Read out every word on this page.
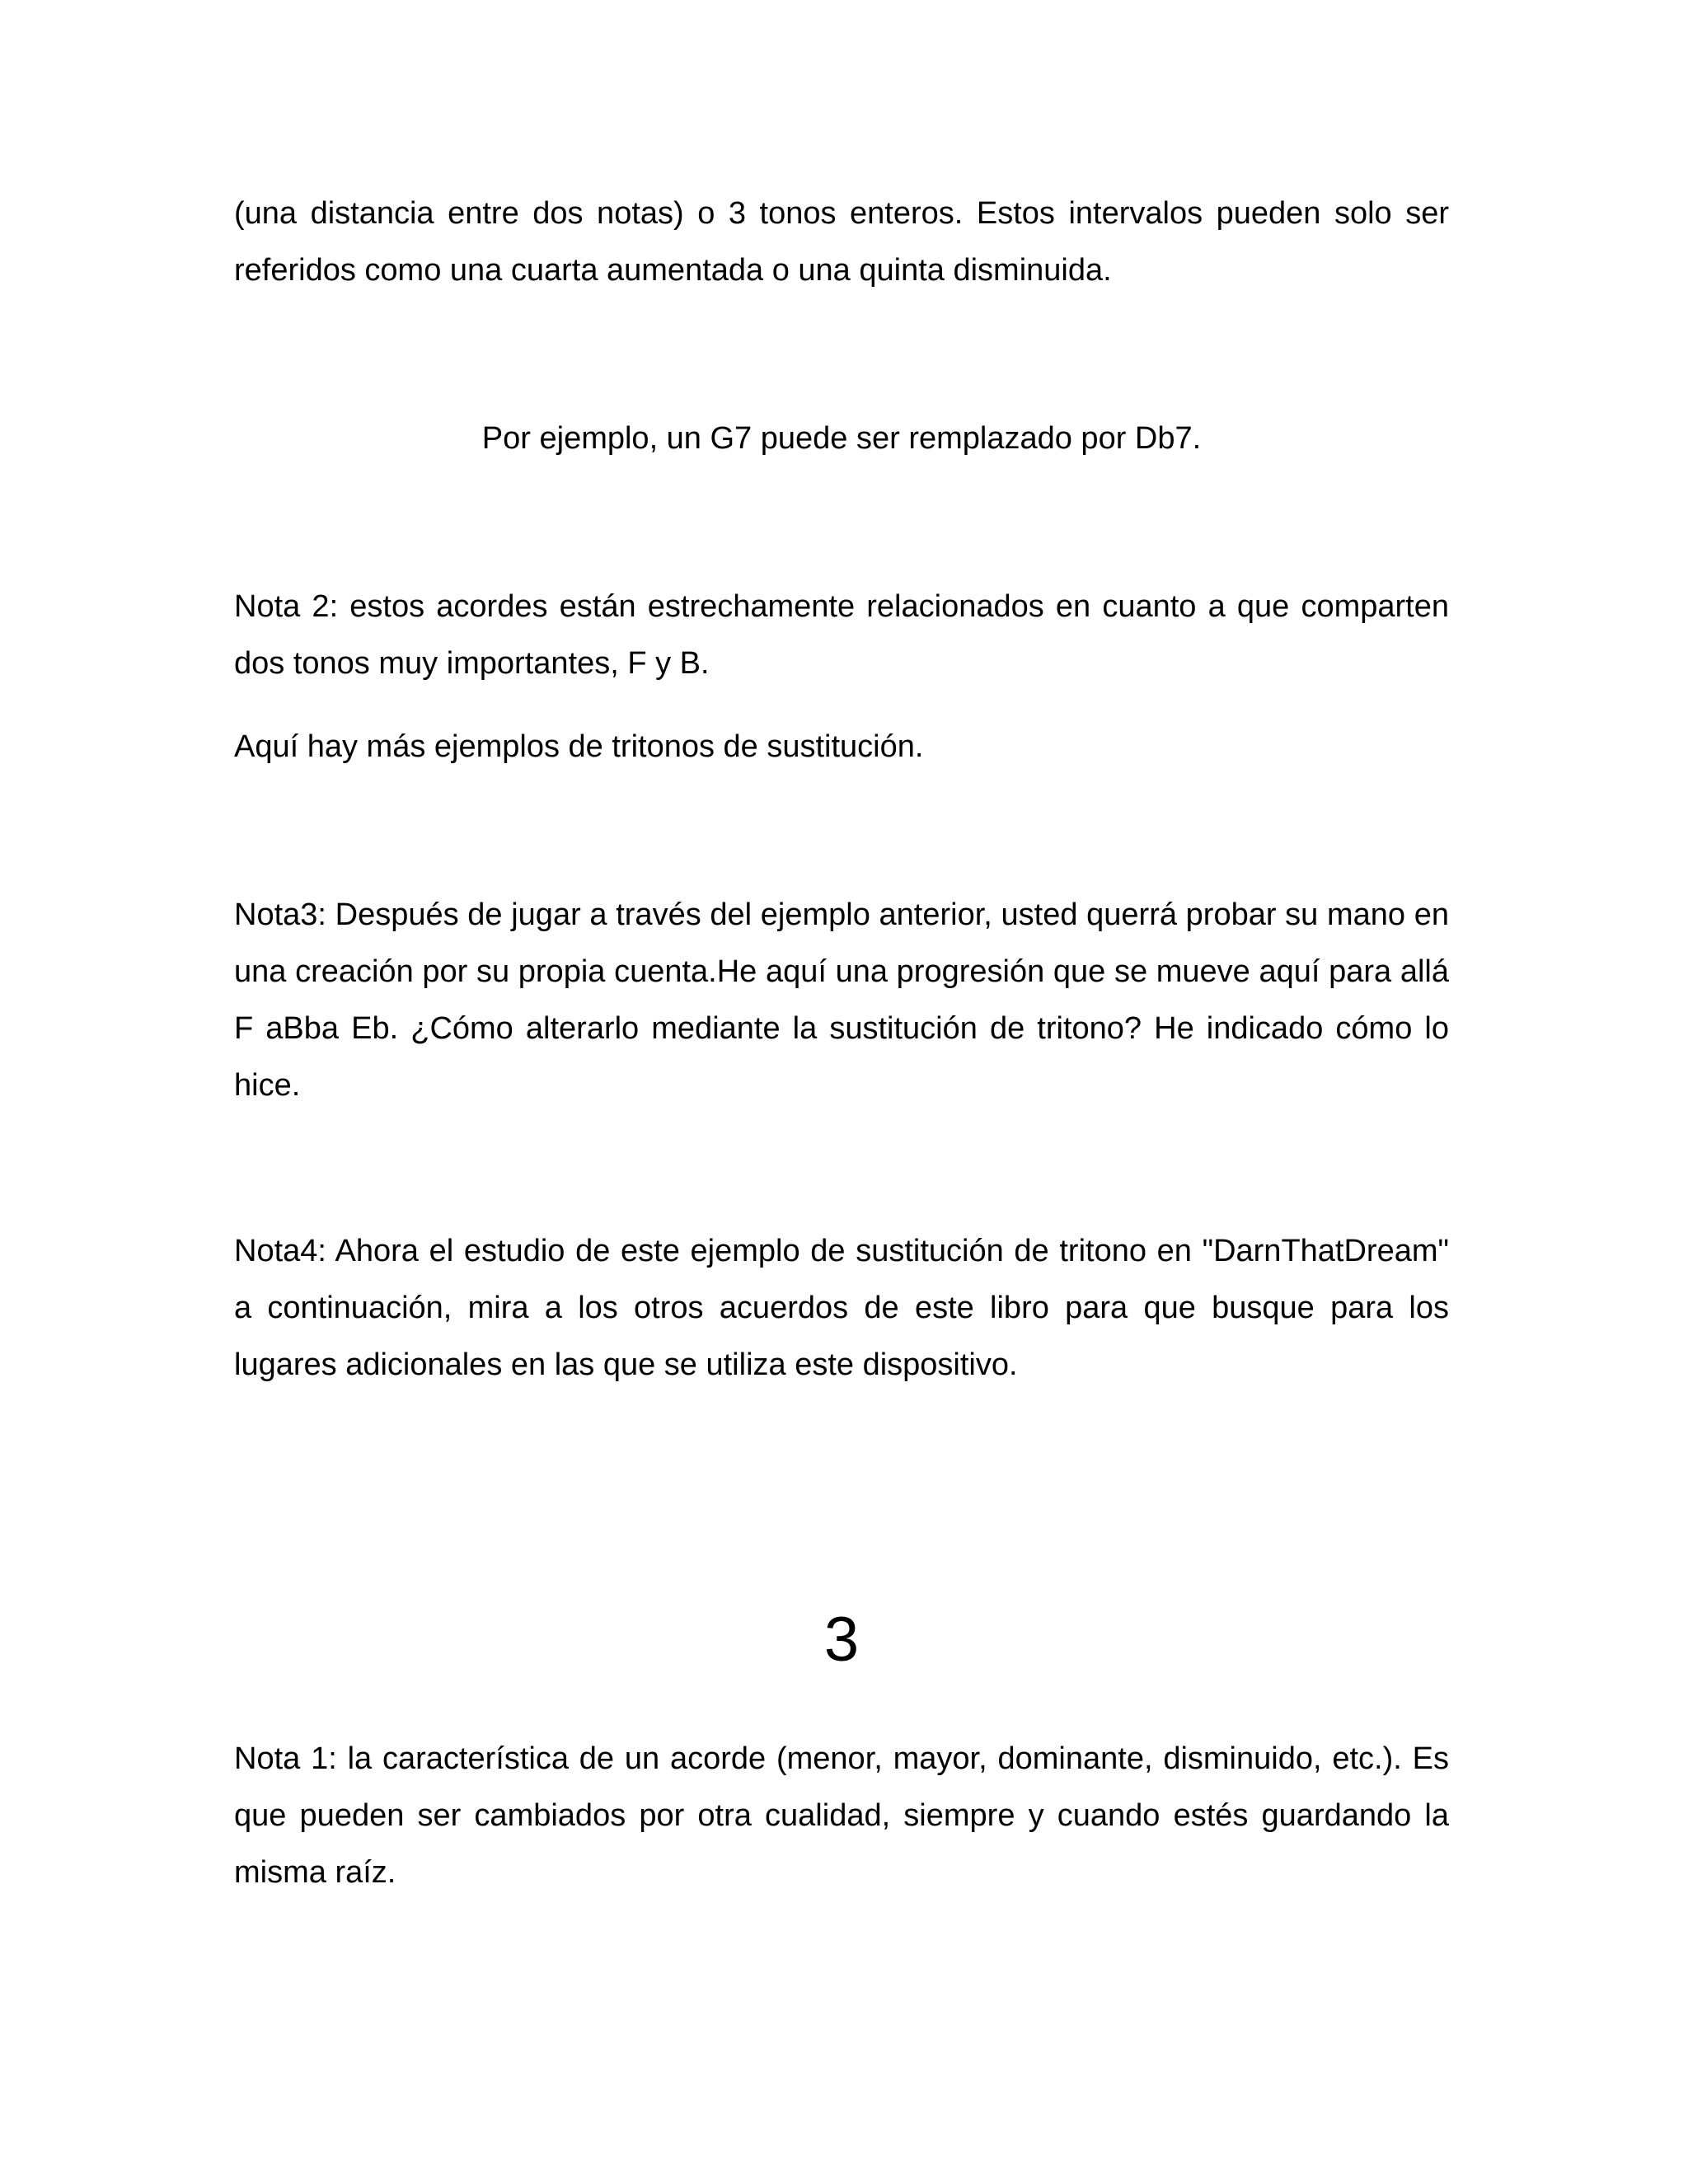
(una distancia entre dos notas) o 3 tonos enteros. Estos intervalos pueden solo ser referidos como una cuarta aumentada o una quinta disminuida.

Por ejemplo, un G7 puede ser remplazado por Db7.

Nota 2: estos acordes están estrechamente relacionados en cuanto a que comparten dos tonos muy importantes, F y B.

Aquí hay más ejemplos de tritonos de sustitución.

Nota3: Después de jugar a través del ejemplo anterior, usted querrá probar su mano en una creación por su propia cuenta.He aquí una progresión que se mueve aquí para allá F aBba Eb. ¿Cómo alterarlo mediante la sustitución de tritono? He indicado cómo lo hice.

Nota4: Ahora el estudio de este ejemplo de sustitución de tritono en "DarnThatDream" a continuación, mira a los otros acuerdos de este libro para que busque para los lugares adicionales en las que se utiliza este dispositivo.

3

Nota 1: la característica de un acorde (menor, mayor, dominante, disminuido, etc.). Es que pueden ser cambiados por otra cualidad, siempre y cuando estés guardando la misma raíz.
